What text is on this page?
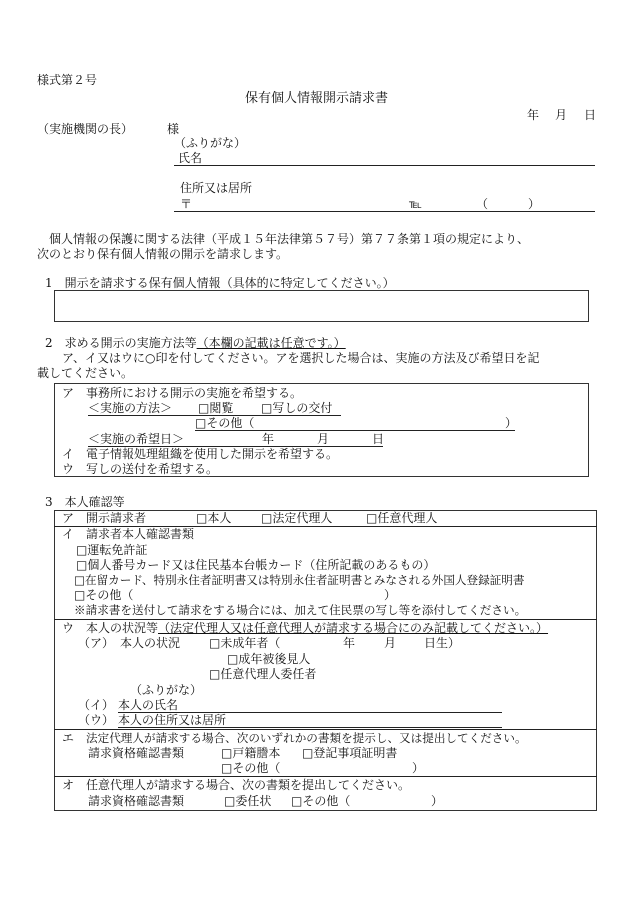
様式第２号
保有個人情報開示請求書
年 月 日
（実施機関の長）	様
（ふりがな）
氏名
住所又は居所
〒	℡	（	）
個人情報の保護に関する法律（平成１５年法律第５７号）第７７条第１項の規定により、
次のとおり保有個人情報の開示を請求します。
1　開示を請求する保有個人情報（具体的に特定してください。）
2　求める開示の実施方法等（本欄の記載は任意です。）
ア、イ又はウに○印を付してください。アを選択した場合は、実施の方法及び希望日を記
載してください。
ア 事務所における開示の実施を希望する。
＜実施の方法＞ □閲覧 □写しの交付
□その他（	）
＜実施の希望日＞	年	月	日
イ 電子情報処理組織を使用した開示を希望する。
ウ 写しの送付を希望する。
3　本人確認等
ア 開示請求者	□本人 □法定代理人	□任意代理人
イ 請求者本人確認書類
□運転免許証
□個人番号カード又は住民基本台帳カード（住所記載のあるもの）
□在留カード、特別永住者証明書又は特別永住者証明書とみなされる外国人登録証明書
□その他（	）
※請求書を送付して請求をする場合には、加えて住民票の写し等を添付してください。
ウ 本人の状況等（法定代理人又は任意代理人が請求する場合にのみ記載してください。）
（ア）　本人の状況 □未成年者（	年 月 日生）
□成年被後見人
□任意代理人委任者
（ふりがな）
（イ） 本人の氏名
（ウ） 本人の住所又は居所
エ 法定代理人が請求する場合、次のいずれかの書類を提示し、又は提出してください。
請求資格確認書類	□戸籍謄本 □登記事項証明書
□その他（	）
オ 任意代理人が請求する場合、次の書類を提出してください。
請求資格確認書類	□委任状 □その他（	）
